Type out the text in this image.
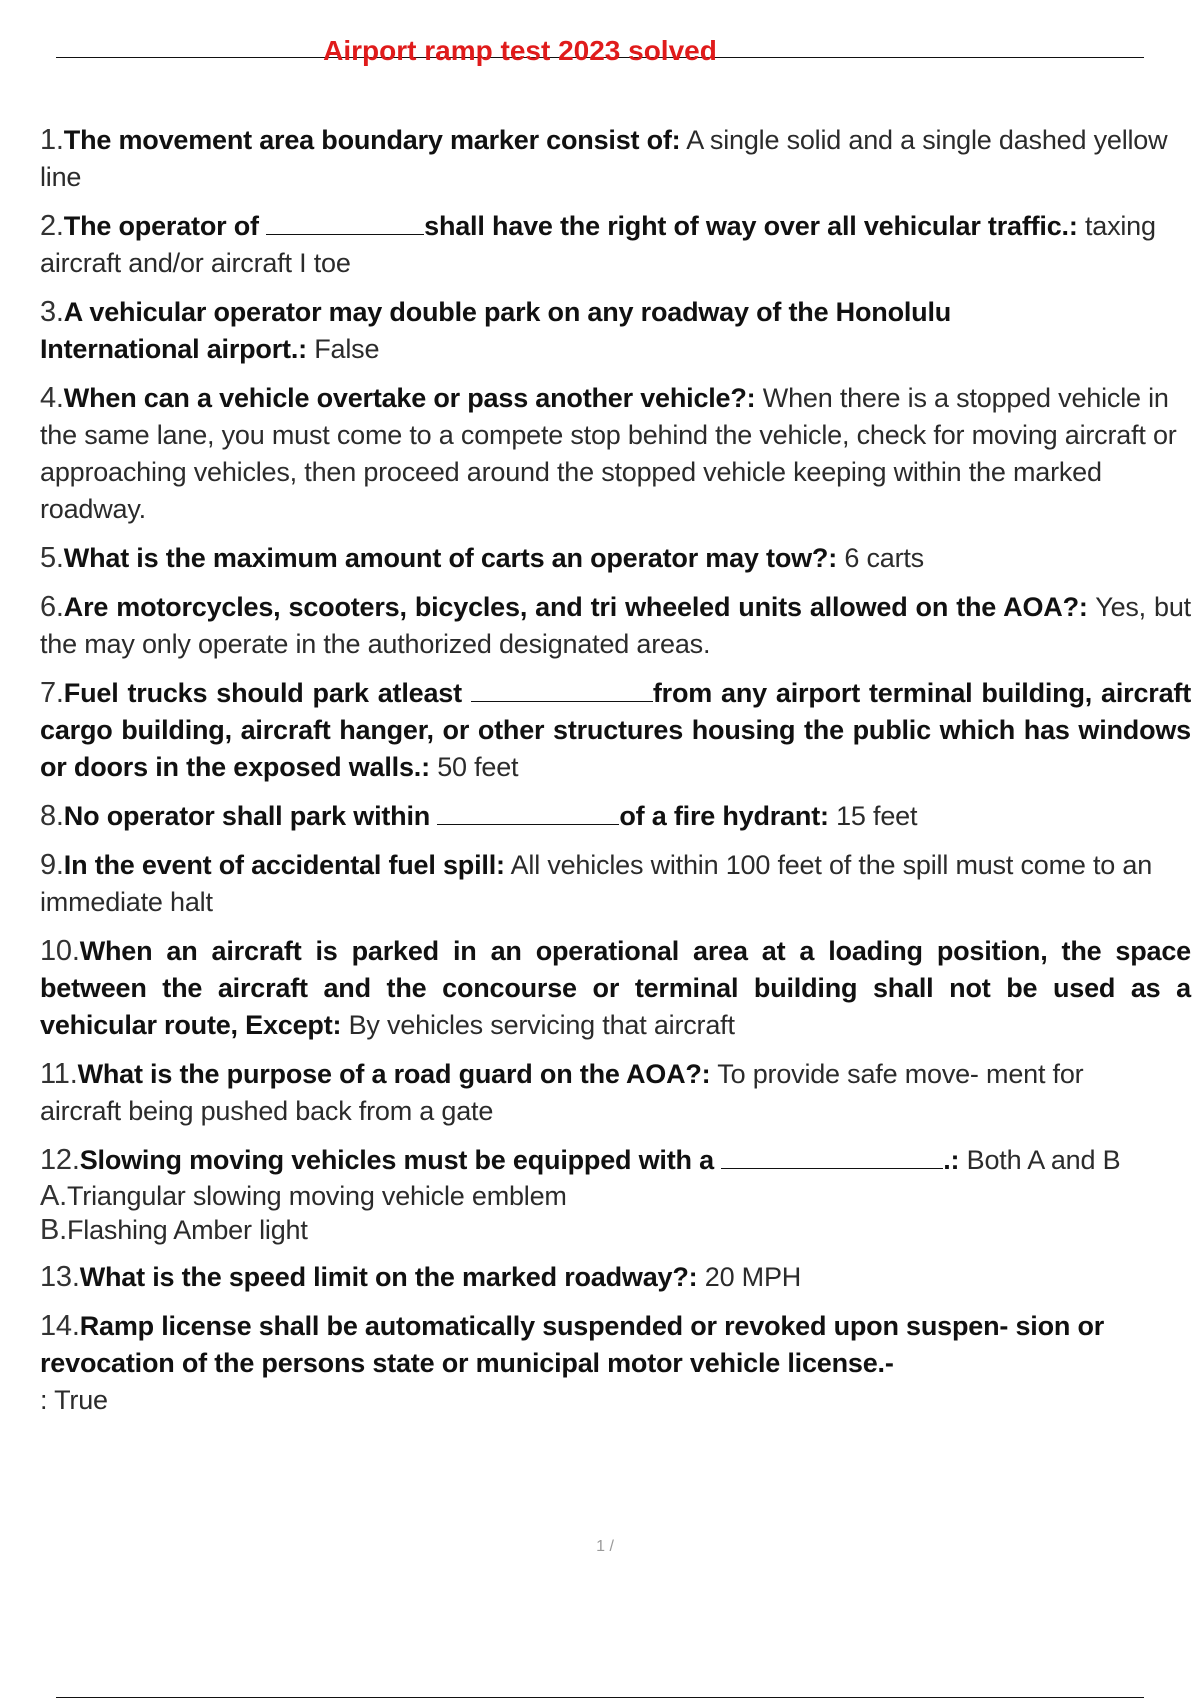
Airport ramp test 2023 solved

1.The movement area boundary marker consist of: A single solid and a single dashed yellow line

2.The operator of	shall have the right of way over all vehicular traffic.: taxing aircraft and/or aircraft I toe

3.A vehicular operator may double park on any roadway of the Honolulu International airport.: False

4.When can a vehicle overtake or pass another vehicle?: When there is a stopped vehicle in the same lane, you must come to a compete stop behind the vehicle, check for moving aircraft or approaching vehicles, then proceed around the stopped vehicle keeping within the marked roadway.

5.What is the maximum amount of carts an operator may tow?: 6 carts

6.Are motorcycles, scooters, bicycles, and tri wheeled units allowed on the AOA?: Yes, but the may only operate in the authorized designated areas.

7.Fuel trucks should park atleast	from any airport terminal building, aircraft cargo building, aircraft hanger, or other structures housing the public which has windows or doors in the exposed walls.: 50 feet

8.No operator shall park within	of a fire hydrant: 15 feet

9.In the event of accidental fuel spill: All vehicles within 100 feet of the spill must come to an immediate halt

10.When an aircraft is parked in an operational area at a loading position, the space between the aircraft and the concourse or terminal building shall not be used as a vehicular route, Except: By vehicles servicing that aircraft

11.What is the purpose of a road guard on the AOA?: To provide safe move- ment for aircraft being pushed back from a gate

12.Slowing moving vehicles must be equipped with a	.: Both A and B
A.Triangular slowing moving vehicle emblem
B.Flashing Amber light

13.What is the speed limit on the marked roadway?: 20 MPH

14.Ramp license shall be automatically suspended or revoked upon suspen- sion or revocation of the persons state or municipal motor vehicle license.-
: True
1 /
